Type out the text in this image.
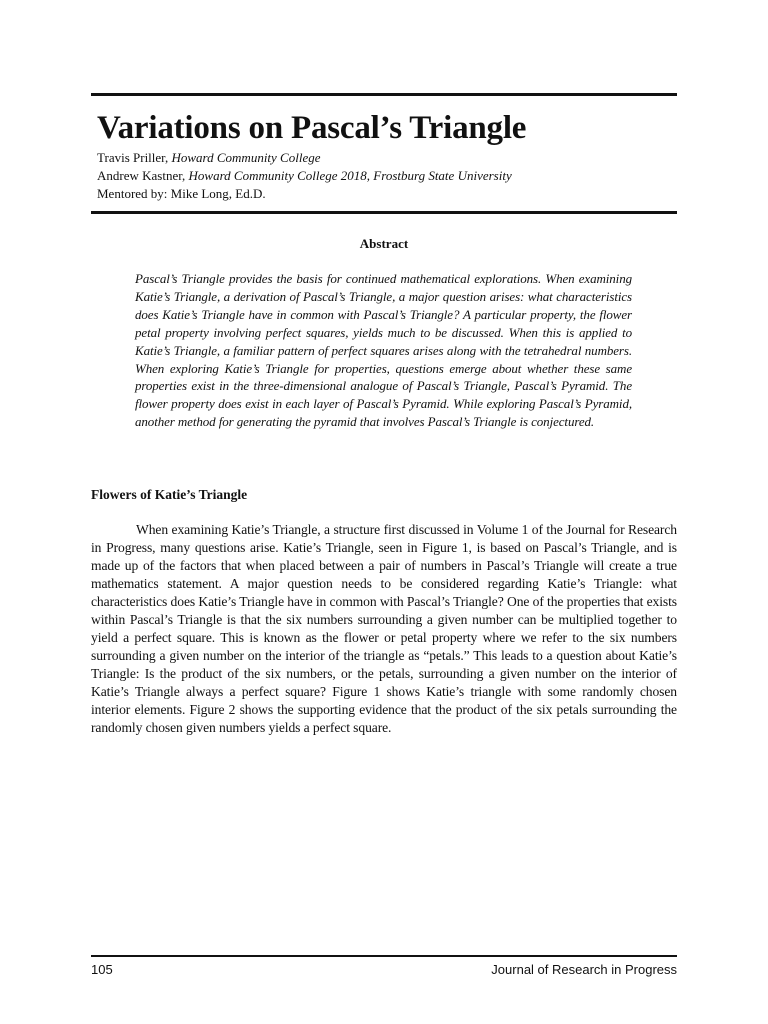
Variations on Pascal’s Triangle
Travis Priller, Howard Community College
Andrew Kastner, Howard Community College 2018, Frostburg State University
Mentored by: Mike Long, Ed.D.
Abstract

Pascal’s Triangle provides the basis for continued mathematical explorations. When examining Katie’s Triangle, a derivation of Pascal’s Triangle, a major question arises: what characteristics does Katie’s Triangle have in common with Pascal’s Triangle? A particular property, the flower petal property involving perfect squares, yields much to be discussed. When this is applied to Katie’s Triangle, a familiar pattern of perfect squares arises along with the tetrahedral numbers. When exploring Katie’s Triangle for properties, questions emerge about whether these same properties exist in the three-dimensional analogue of Pascal’s Triangle, Pascal’s Pyramid. The flower property does exist in each layer of Pascal’s Pyramid. While exploring Pascal’s Pyramid, another method for generating the pyramid that involves Pascal’s Triangle is conjectured.

Flowers of Katie’s Triangle

When examining Katie’s Triangle, a structure first discussed in Volume 1 of the Journal for Research in Progress, many questions arise. Katie’s Triangle, seen in Figure 1, is based on Pascal’s Triangle, and is made up of the factors that when placed between a pair of numbers in Pascal’s Triangle will create a true mathematics statement. A major question needs to be considered regarding Katie’s Triangle: what characteristics does Katie’s Triangle have in common with Pascal’s Triangle? One of the properties that exists within Pascal’s Triangle is that the six numbers surrounding a given number can be multiplied together to yield a perfect square. This is known as the flower or petal property where we refer to the six numbers surrounding a given number on the interior of the triangle as “petals.” This leads to a question about Katie’s Triangle: Is the product of the six numbers, or the petals, surrounding a given number on the interior of Katie’s Triangle always a perfect square? Figure 1 shows Katie’s triangle with some randomly chosen interior elements. Figure 2 shows the supporting evidence that the product of the six petals surrounding the randomly chosen given numbers yields a perfect square.

105	Journal of Research in Progress
